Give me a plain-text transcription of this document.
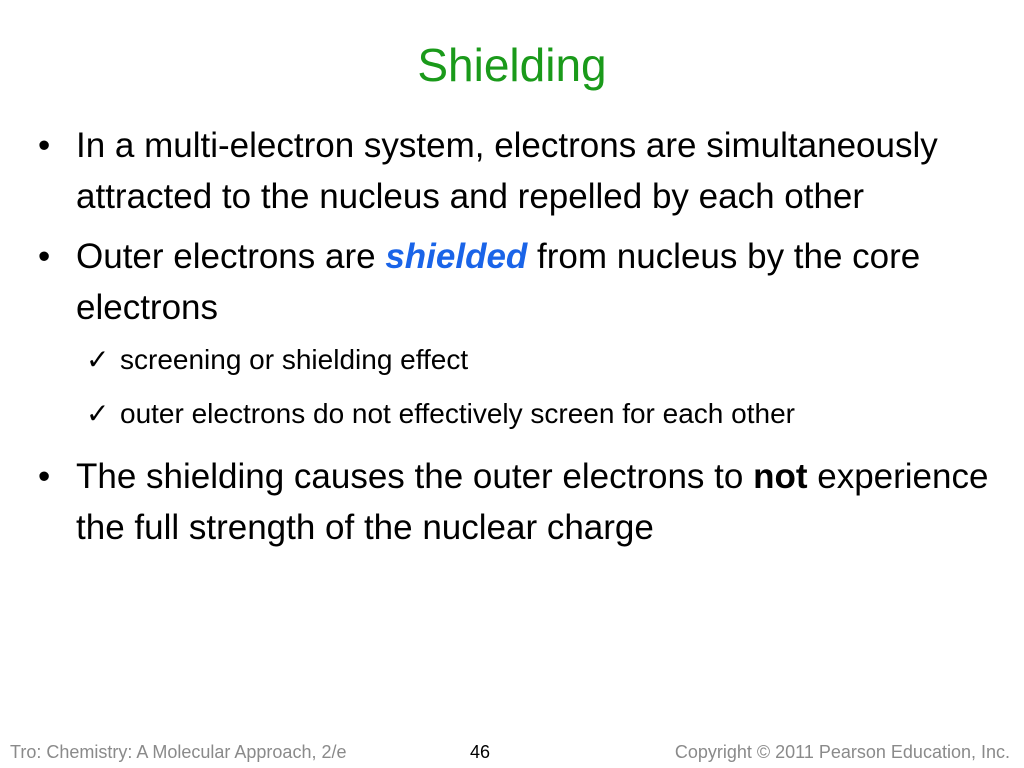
Shielding
• In a multi-electron system, electrons are simultaneously attracted to the nucleus and repelled by each other
• Outer electrons are shielded from nucleus by the core electrons
✓ screening or shielding effect
✓ outer electrons do not effectively screen for each other
• The shielding causes the outer electrons to not experience the full strength of the nuclear charge
Tro: Chemistry: A Molecular Approach, 2/e	46	Copyright © 2011 Pearson Education, Inc.
